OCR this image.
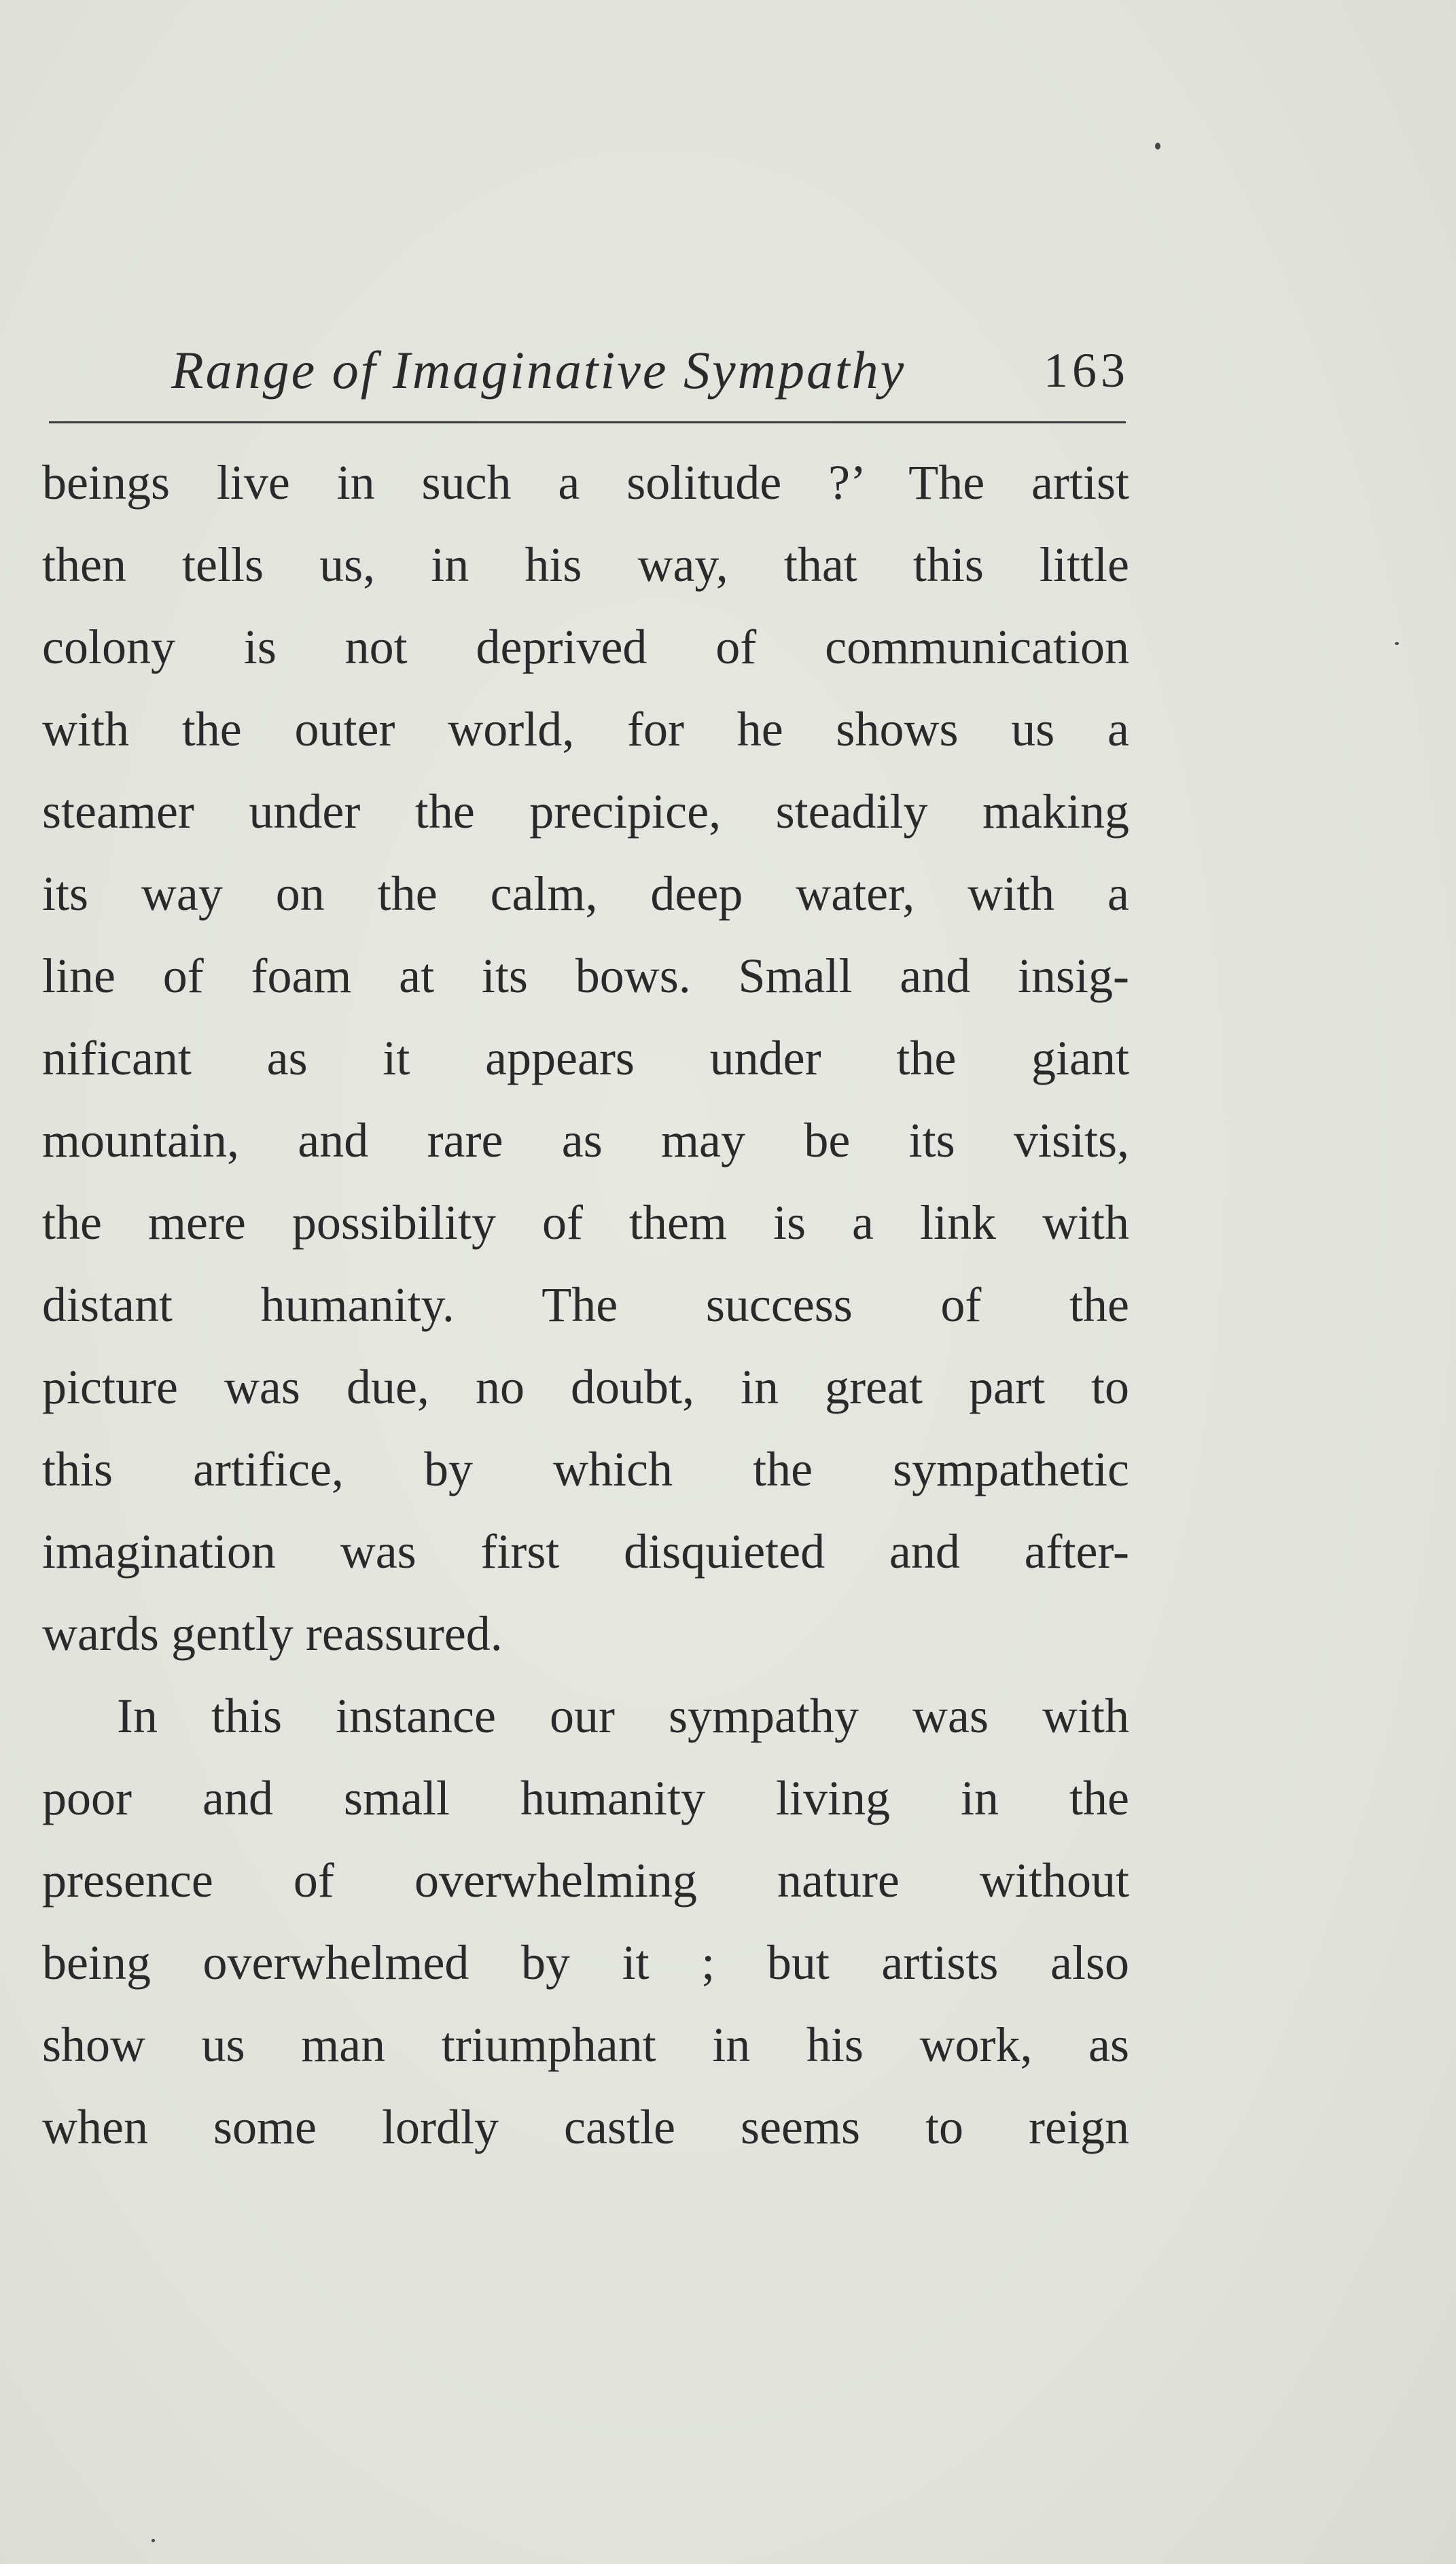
Range of Imaginative Sympathy	163
beings live in such a solitude ?’ The artist
then tells us, in his way, that this little
colony is not deprived of communication
with the outer world, for he shows us a
steamer under the precipice, steadily making
its way on the calm, deep water, with a
line of foam at its bows. Small and insig-
nificant as it appears under the giant
mountain, and rare as may be its visits,
the mere possibility of them is a link with
distant humanity. The success of the
picture was due, no doubt, in great part to
this artifice, by which the sympathetic
imagination was first disquieted and after-
wards gently reassured.
In this instance our sympathy was with
poor and small humanity living in the
presence of overwhelming nature without
being overwhelmed by it ; but artists also
show us man triumphant in his work, as
when some lordly castle seems to reign
